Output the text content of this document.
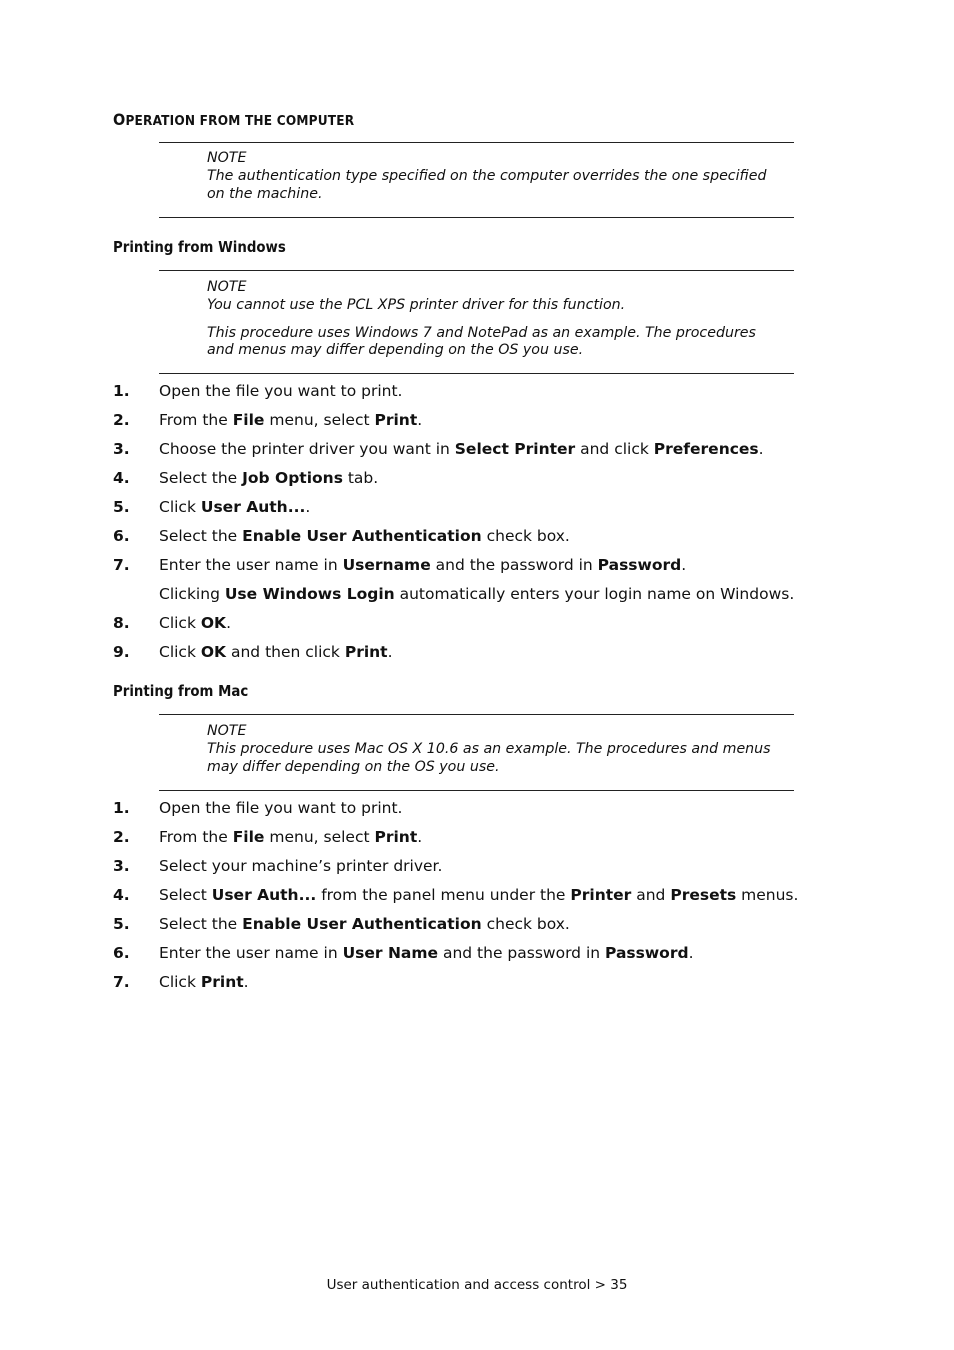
OPERATION FROM THE COMPUTER

NOTE

The authentication type specified on the computer overrides the one specified on the machine.

Printing from Windows

NOTE

You cannot use the PCL XPS printer driver for this function.

This procedure uses Windows 7 and NotePad as an example. The procedures and menus may differ depending on the OS you use.

1. Open the file you want to print.
2. From the File menu, select Print.
3. Choose the printer driver you want in Select Printer and click Preferences.
4. Select the Job Options tab.
5. Click User Auth....
6. Select the Enable User Authentication check box.
7. Enter the user name in Username and the password in Password.
Clicking Use Windows Login automatically enters your login name on Windows.
8. Click OK.
9. Click OK and then click Print.
Printing from Mac

NOTE

This procedure uses Mac OS X 10.6 as an example. The procedures and menus may differ depending on the OS you use.

1. Open the file you want to print.
2. From the File menu, select Print.
3. Select your machine’s printer driver.
4. Select User Auth... from the panel menu under the Printer and Presets menus.
5. Select the Enable User Authentication check box.
6. Enter the user name in User Name and the password in Password.
7. Click Print.
User authentication and access control > 35
